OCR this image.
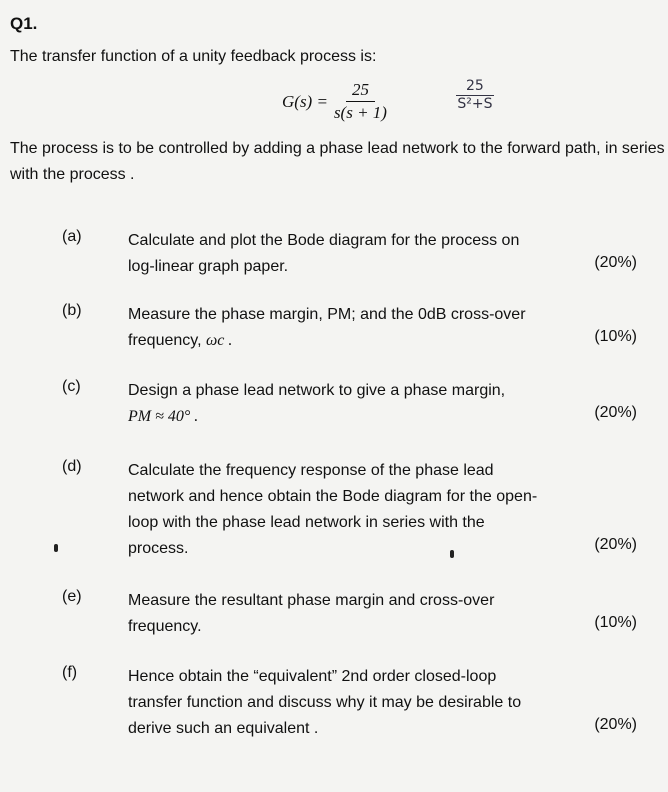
Q1.
The transfer function of a unity feedback process is:
$G(s) = \frac{25}{s(s + 1)}$	$\frac{25}{\text{S²+S}}$
The process is to be controlled by adding a phase lead network to the forward path, in series with the process .
(a)	Calculate and plot the Bode diagram for the process on
log-linear graph paper.	(20%)
(b)	Measure the phase margin, PM; and the 0dB cross-over
frequency, ωc .	(10%)
(c)	Design a phase lead network to give a phase margin,
PM ≈ 40° .	(20%)
(d)	Calculate the frequency response of the phase lead
network and hence obtain the Bode diagram for the open-
loop with the phase lead network in series with the
process.	(20%)
(e)	Measure the resultant phase margin and cross-over
frequency.	(10%)
(f)	Hence obtain the “equivalent” 2nd order closed-loop
transfer function and discuss why it may be desirable to
derive such an equivalent .	(20%)
